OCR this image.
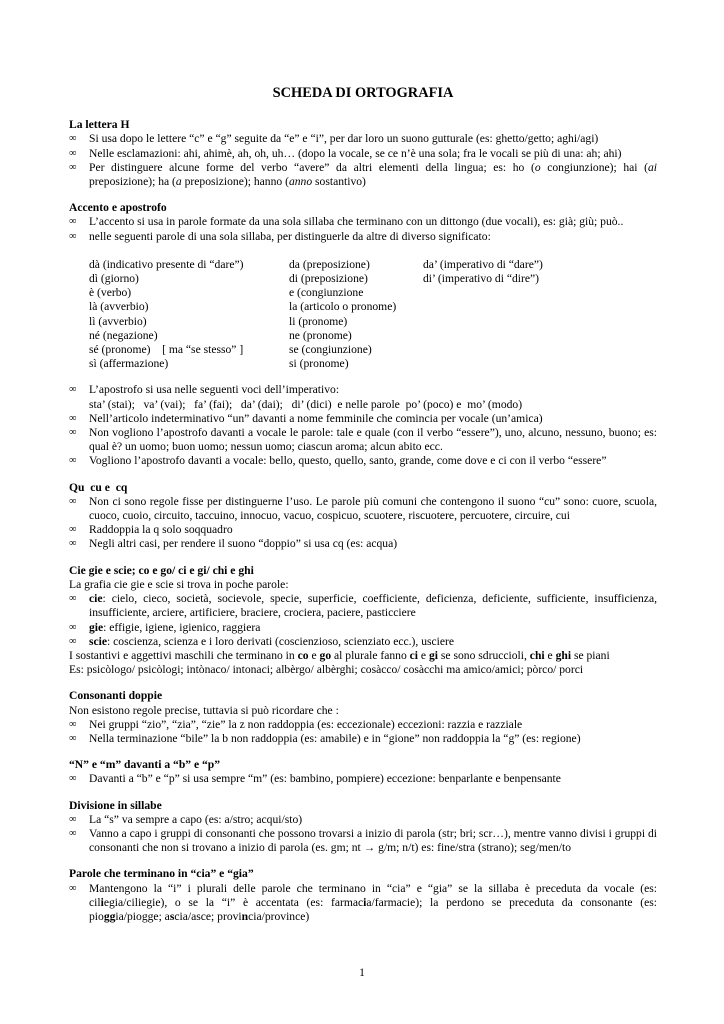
SCHEDA DI ORTOGRAFIA
La lettera H
∞ Si usa dopo le lettere “c” e “g” seguite da “e” e “i”, per dar loro un suono gutturale (es: ghetto/getto; aghi/agi)
∞ Nelle esclamazioni: ahi, ahimè, ah, oh, uh… (dopo la vocale, se ce n’è una sola; fra le vocali se più di una: ah; ahi)
∞ Per distinguere alcune forme del verbo “avere” da altri elementi della lingua; es: ho (o congiunzione); hai (ai preposizione); ha (a preposizione); hanno (anno sostantivo)
Accento e apostrofo
∞ L’accento si usa in parole formate da una sola sillaba che terminano con un dittongo (due vocali), es: già; giù; può..
∞ nelle seguenti parole di una sola sillaba, per distinguerle da altre di diverso significato:
dà (indicativo presente di “dare”)	da (preposizione)	da’ (imperativo di “dare”)
dì (giorno)	di (preposizione)	di’ (imperativo di “dire”)
è (verbo)	e (congiunzione
là (avverbio)	la (articolo o pronome)
lì (avverbio)	li (pronome)
né (negazione)	ne (pronome)
sé (pronome)    [ ma “se stesso” ]	se (congiunzione)
sì (affermazione)	si (pronome)
∞ L’apostrofo si usa nelle seguenti voci dell’imperativo:
sta’ (stai);   va’ (vai);   fa’ (fai);   da’ (dai);   di’ (dici)  e nelle parole  po’ (poco) e  mo’ (modo)
∞ Nell’articolo indeterminativo “un” davanti a nome femminile che comincia per vocale (un’amica)
∞ Non vogliono l’apostrofo davanti a vocale le parole: tale e quale (con il verbo “essere”), uno, alcuno, nessuno, buono; es: qual è? un uomo; buon uomo; nessun uomo; ciascun aroma; alcun abito ecc.
∞ Vogliono l’apostrofo davanti a vocale: bello, questo, quello, santo, grande, come dove e ci con il verbo “essere”
Qu  cu e  cq
∞ Non ci sono regole fisse per distinguerne l’uso. Le parole più comuni che contengono il suono “cu” sono: cuore, scuola, cuoco, cuoio, circuito, taccuino, innocuo, vacuo, cospicuo, scuotere, riscuotere, percuotere, circuire, cui
∞ Raddoppia la q solo soqquadro
∞ Negli altri casi, per rendere il suono “doppio” si usa cq (es: acqua)
Cie gie e scie; co e go/ ci e gi/ chi e ghi
La grafia cie gie e scie si trova in poche parole:
∞ cie: cielo, cieco, società, socievole, specie, superficie, coefficiente, deficienza, deficiente, sufficiente, insufficienza, insufficiente, arciere, artificiere, braciere, crociera, paciere, pasticciere
∞ gie: effigie, igiene, igienico, raggiera
∞ scie: coscienza, scienza e i loro derivati (coscienzioso, scienziato ecc.), usciere
I sostantivi e aggettivi maschili che terminano in co e go al plurale fanno ci e gi se sono sdruccioli, chi e ghi se piani
Es: psicòlogo/ psicòlogi; intònaco/ intonaci; albèrgo/ albèrghi; cosàcco/ cosàcchi ma amico/amici; pòrco/ porci
Consonanti doppie
Non esistono regole precise, tuttavia si può ricordare che :
∞ Nei gruppi “zio”, “zia”, “zie” la z non raddoppia (es: eccezionale) eccezioni: razzia e razziale
∞ Nella terminazione “bile” la b non raddoppia (es: amabile) e in “gione” non raddoppia la “g” (es: regione)
“N” e “m” davanti a “b” e “p”
∞ Davanti a “b” e “p” si usa sempre “m” (es: bambino, pompiere) eccezione: benparlante e benpensante
Divisione in sillabe
∞ La “s” va sempre a capo (es: a/stro; acqui/sto)
∞ Vanno a capo i gruppi di consonanti che possono trovarsi a inizio di parola (str; bri; scr…), mentre vanno divisi i gruppi di consonanti che non si trovano a inizio di parola (es. gm; nt → g/m; n/t) es: fine/stra (strano); seg/men/to
Parole che terminano in “cia” e “gia”
∞ Mantengono la “i” i plurali delle parole che terminano in “cia” e “gia” se la sillaba è preceduta da vocale (es: ciliegia/ciliegie), o se la “i” è accentata (es: farmacia/farmacie); la perdono se preceduta da consonante (es: pioggia/piogge; ascia/asce; provincia/province)
1
